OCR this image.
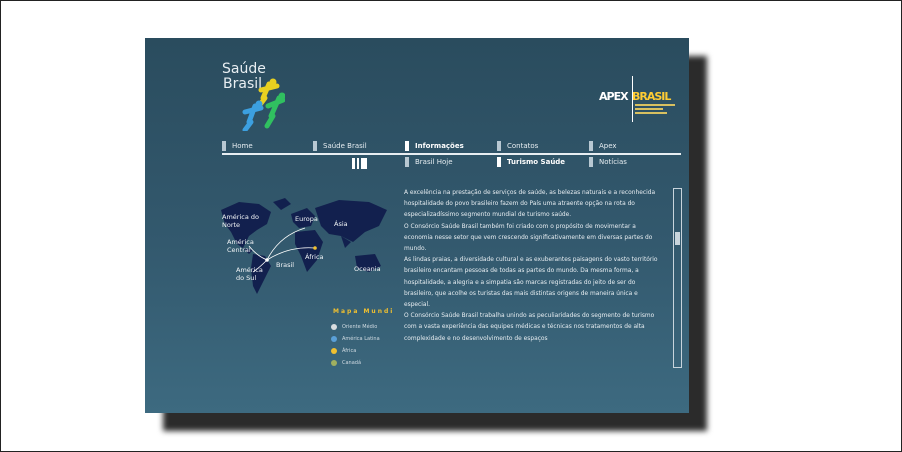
Saúde
Brasil
APEX BRASIL
Home	Saúde Brasil	Informações	Contatos	Apex
Brasil Hoje	Turismo Saúde	Notícias
América do Norte
América Central
América do Sul
Europa
Ásia
África
Oceania
Brasil
Mapa Mundi
Oriente Médio
América Latina
África
Canadá

A excelência na prestação de serviços de saúde, as belezas naturais e a reconhecida hospitalidade do povo brasileiro fazem do País uma atraente opção na rota do especializadíssimo segmento mundial de turismo saúde.

O Consórcio Saúde Brasil também foi criado com o propósito de movimentar a economia nesse setor que vem crescendo significativamente em diversas partes do mundo.

As lindas praias, a diversidade cultural e as exuberantes paisagens do vasto território brasileiro encantam pessoas de todas as partes do mundo. Da mesma forma, a hospitalidade, a alegria e a simpatia são marcas registradas do jeito de ser do brasileiro, que acolhe os turistas das mais distintas origens de maneira única e especial.

O Consórcio Saúde Brasil trabalha unindo as peculiaridades do segmento de turismo com a vasta experiência das equipes médicas e técnicas nos tratamentos de alta complexidade e no desenvolvimento de espaços
